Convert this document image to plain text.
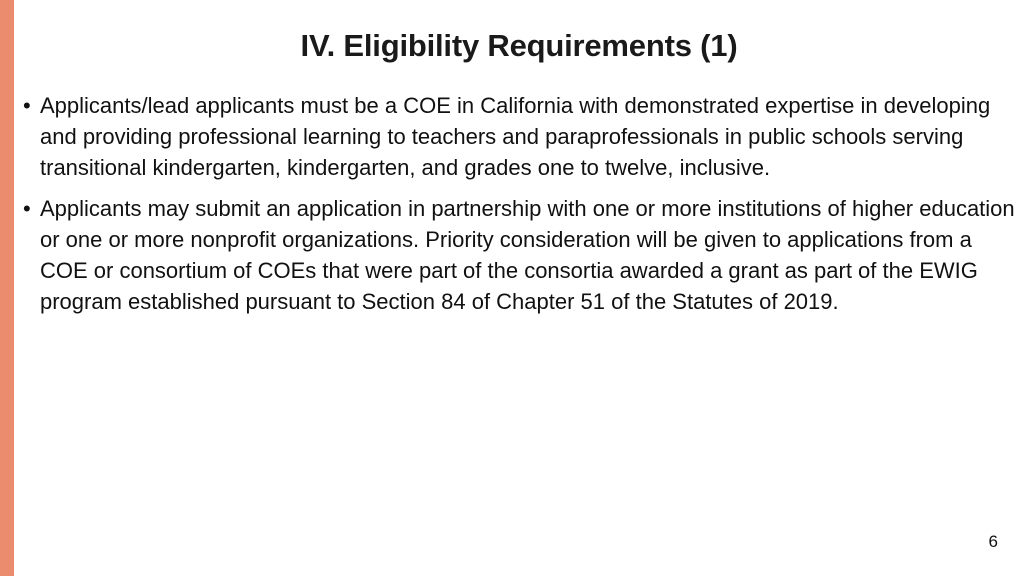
IV. Eligibility Requirements (1)
• Applicants/lead applicants must be a COE in California with demonstrated expertise in developing and providing professional learning to teachers and paraprofessionals in public schools serving transitional kindergarten, kindergarten, and grades one to twelve, inclusive.
• Applicants may submit an application in partnership with one or more institutions of higher education or one or more nonprofit organizations. Priority consideration will be given to applications from a COE or consortium of COEs that were part of the consortia awarded a grant as part of the EWIG program established pursuant to Section 84 of Chapter 51 of the Statutes of 2019.
6
